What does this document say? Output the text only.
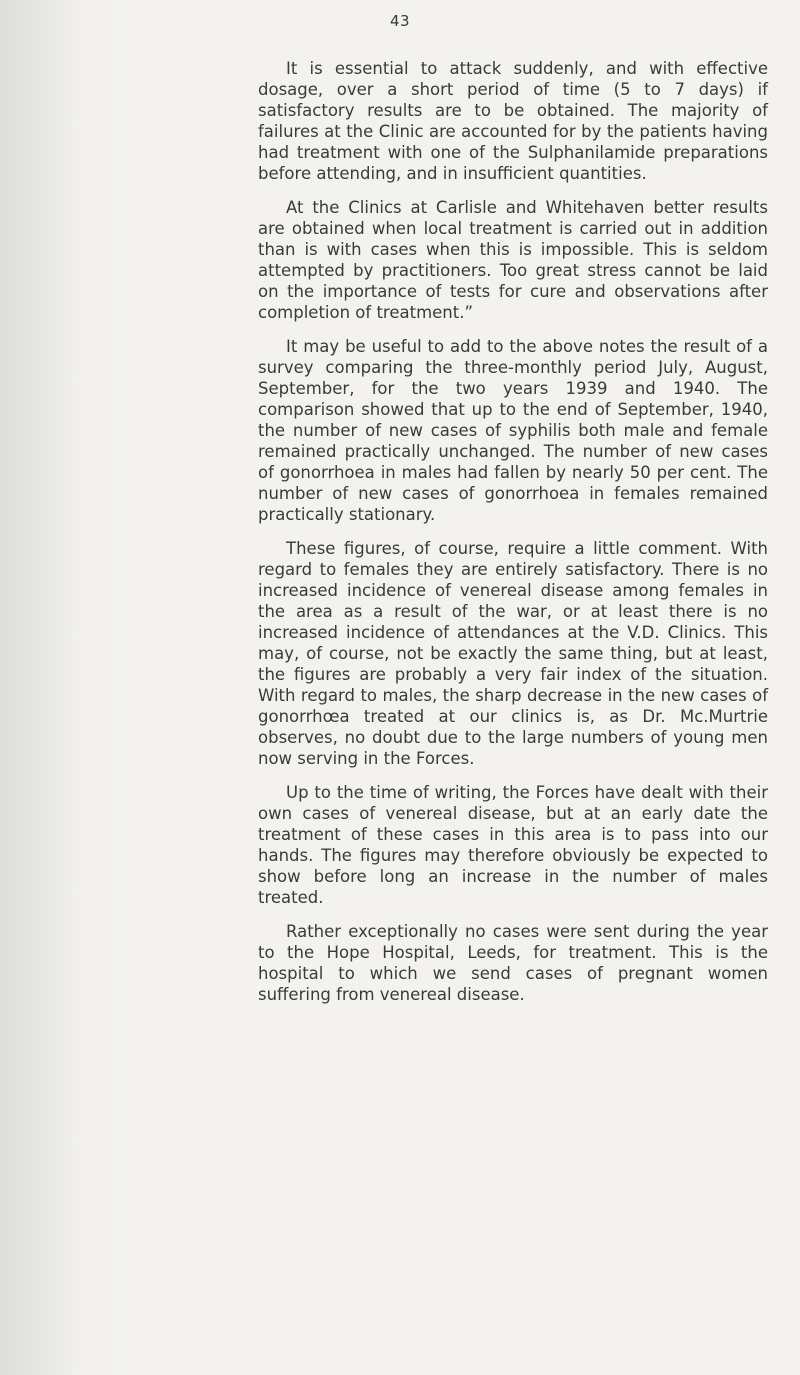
43

It is essential to attack suddenly, and with effective dosage, over a short period of time (5 to 7 days) if satisfactory results are to be obtained. The majority of failures at the Clinic are accounted for by the patients having had treatment with one of the Sulphanilamide preparations before attending, and in insufficient quantities.

At the Clinics at Carlisle and Whitehaven better results are obtained when local treatment is carried out in addition than is with cases when this is impossible. This is seldom attempted by practitioners. Too great stress cannot be laid on the importance of tests for cure and observations after completion of treatment.”

It may be useful to add to the above notes the result of a survey comparing the three-monthly period July, August, September, for the two years 1939 and 1940. The comparison showed that up to the end of September, 1940, the number of new cases of syphilis both male and female remained practically unchanged. The number of new cases of gonorrhoea in males had fallen by nearly 50 per cent. The number of new cases of gonorrhoea in females remained practically stationary.

These figures, of course, require a little comment. With regard to females they are entirely satisfactory. There is no increased incidence of venereal disease among females in the area as a result of the war, or at least there is no increased incidence of attendances at the V.D. Clinics. This may, of course, not be exactly the same thing, but at least, the figures are probably a very fair index of the situation. With regard to males, the sharp decrease in the new cases of gonorrhœa treated at our clinics is, as Dr. Mc.Murtrie observes, no doubt due to the large numbers of young men now serving in the Forces.

Up to the time of writing, the Forces have dealt with their own cases of venereal disease, but at an early date the treatment of these cases in this area is to pass into our hands. The figures may therefore obviously be expected to show before long an increase in the number of males treated.

Rather exceptionally no cases were sent during the year to the Hope Hospital, Leeds, for treatment. This is the hospital to which we send cases of pregnant women suffering from venereal disease.
